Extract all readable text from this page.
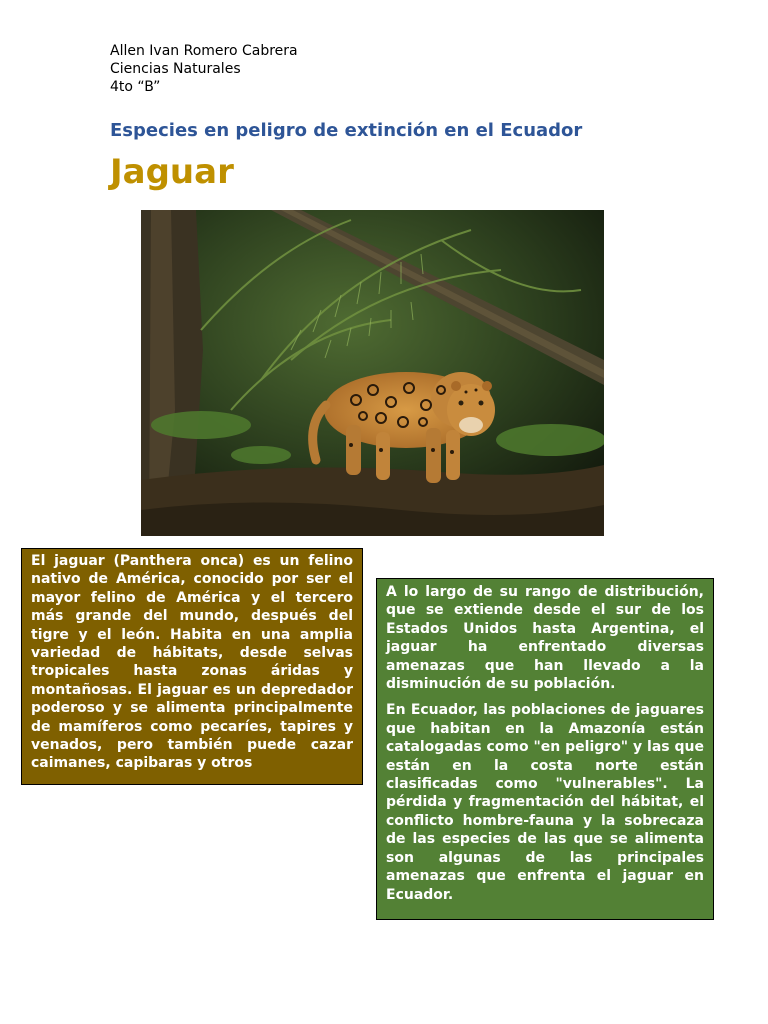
Allen Ivan Romero Cabrera
Ciencias Naturales
4to “B”
Especies en peligro de extinción en el Ecuador
Jaguar

El jaguar (Panthera onca) es un felino nativo de América, conocido por ser el mayor felino de América y el tercero más grande del mundo, después del tigre y el león. Habita en una amplia variedad de hábitats, desde selvas tropicales hasta zonas áridas y montañosas. El jaguar es un depredador poderoso y se alimenta principalmente de mamíferos como pecaríes, tapires y venados, pero también puede cazar caimanes, capibaras y otros

A lo largo de su rango de distribución, que se extiende desde el sur de los Estados Unidos hasta Argentina, el jaguar ha enfrentado diversas amenazas que han llevado a la disminución de su población.

En Ecuador, las poblaciones de jaguares que habitan en la Amazonía están catalogadas como "en peligro" y las que están en la costa norte están clasificadas como "vulnerables". La pérdida y fragmentación del hábitat, el conflicto hombre-fauna y la sobrecaza de las especies de las que se alimenta son algunas de las principales amenazas que enfrenta el jaguar en Ecuador.
